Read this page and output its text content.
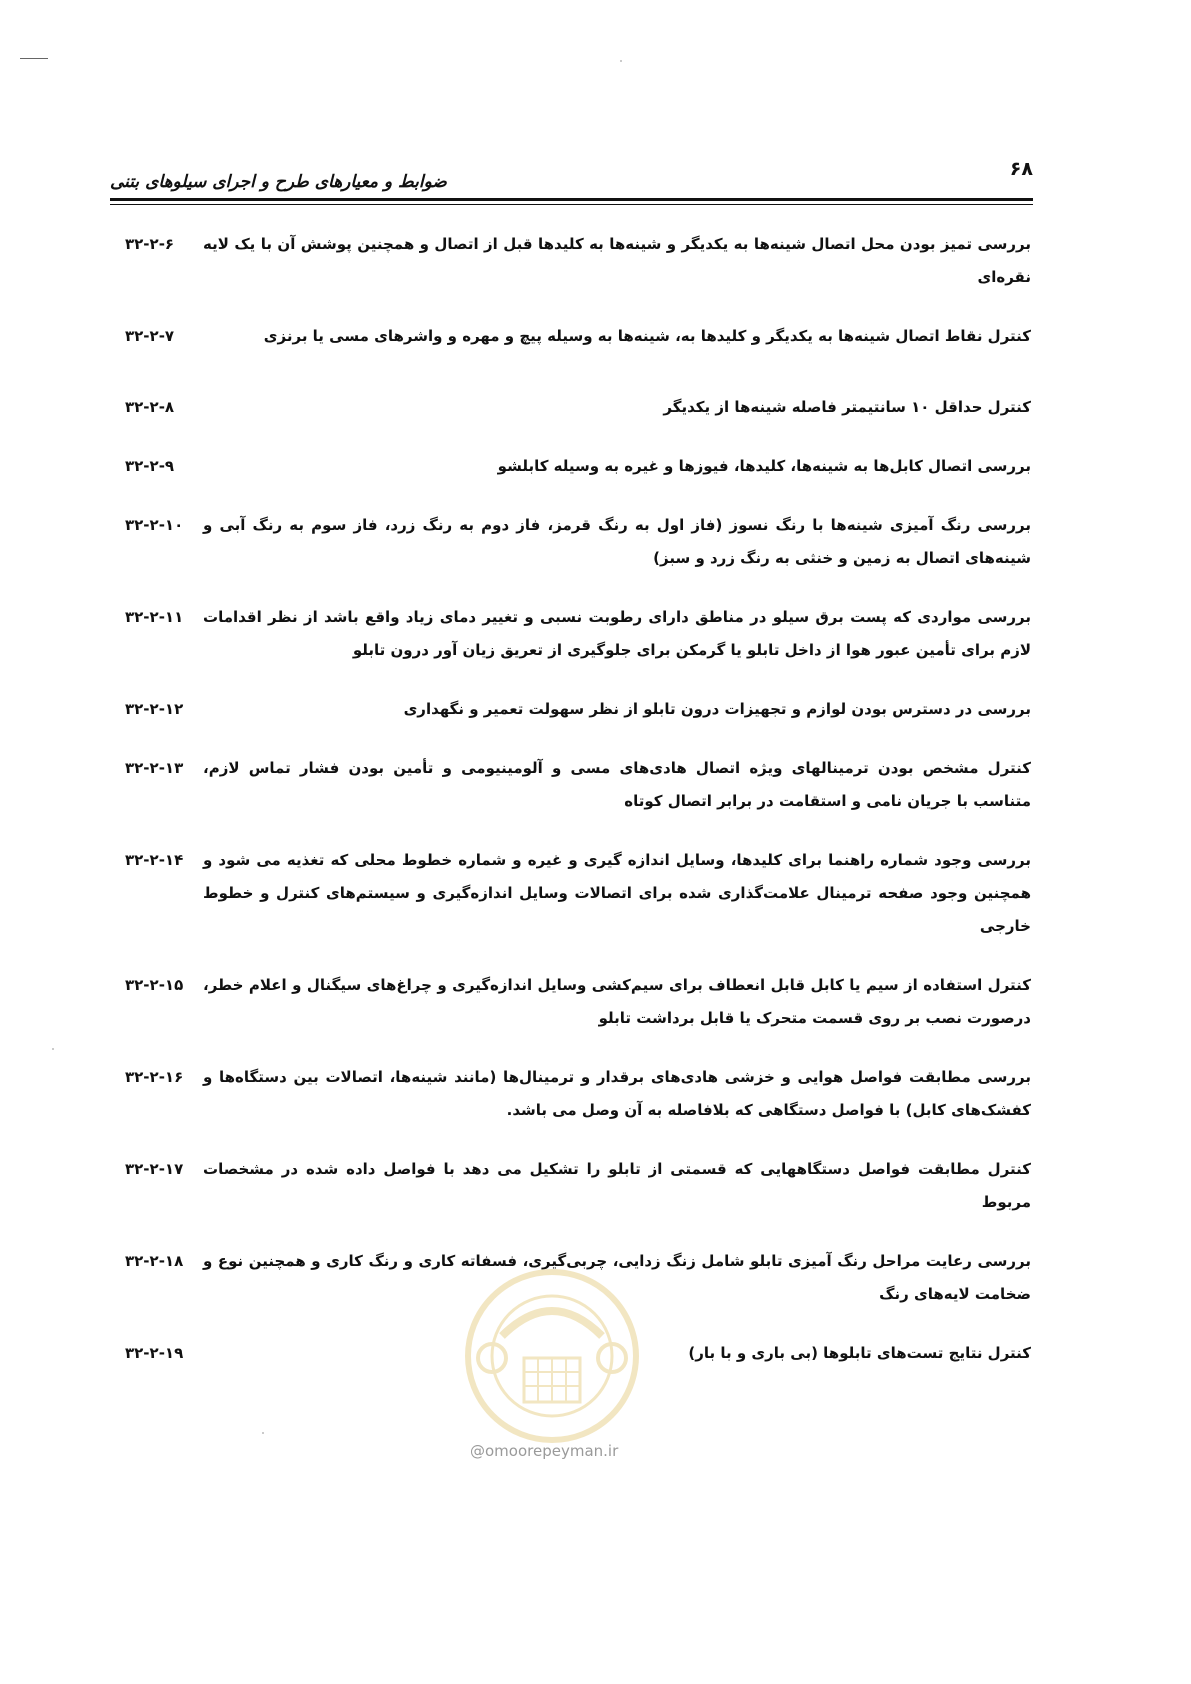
۶۸
ضوابط و معیارهای طرح و اجرای سیلوهای بتنی
۳۲-۲-۶	بررسی تمیز بودن محل اتصال شینه‌ها به یکدیگر و شینه‌ها به کلیدها قبل از اتصال و همچنین پوشش آن با یک لایه نقره‌ای
۳۲-۲-۷	کنترل نقاط اتصال شینه‌ها به یکدیگر و کلیدها به، شینه‌ها به وسیله پیچ و مهره و واشرهای مسی یا برنزی
۳۲-۲-۸	کنترل حداقل ۱۰ سانتیمتر فاصله شینه‌ها از یکدیگر
۳۲-۲-۹	بررسی اتصال کابل‌ها به شینه‌ها، کلیدها، فیوزها و غیره به وسیله کابلشو
۳۲-۲-۱۰	بررسی رنگ آمیزی شینه‌ها با رنگ نسوز (فاز اول به رنگ قرمز، فاز دوم به رنگ زرد، فاز سوم به رنگ آبی و شینه‌های اتصال به زمین و خنثی به رنگ زرد و سبز)
۳۲-۲-۱۱	بررسی مواردی که پست برق سیلو در مناطق دارای رطوبت نسبی و تغییر دمای زیاد واقع باشد از نظر اقدامات لازم برای تأمین عبور هوا از داخل تابلو یا گرمکن برای جلوگیری از تعریق زیان آور درون تابلو
۳۲-۲-۱۲	بررسی در دسترس بودن لوازم و تجهیزات درون تابلو از نظر سهولت تعمیر و نگهداری
۳۲-۲-۱۳	کنترل مشخص بودن ترمینالهای ویژه اتصال هادی‌های مسی و آلومینیومی و تأمین بودن فشار تماس لازم، متناسب با جریان نامی و استقامت در برابر اتصال کوتاه
۳۲-۲-۱۴	بررسی وجود شماره راهنما برای کلیدها، وسایل اندازه گیری و غیره و شماره خطوط محلی که تغذیه می شود و همچنین وجود صفحه ترمینال علامت‌گذاری شده برای اتصالات وسایل اندازه‌گیری و سیستم‌های کنترل و خطوط خارجی
۳۲-۲-۱۵	کنترل استفاده از سیم یا کابل قابل انعطاف برای سیم‌کشی وسایل اندازه‌گیری و چراغ‌های سیگنال و اعلام خطر، درصورت نصب بر روی قسمت متحرک یا قابل برداشت تابلو
۳۲-۲-۱۶	بررسی مطابقت فواصل هوایی و خزشی هادی‌های برقدار و ترمینال‌ها (مانند شینه‌ها، اتصالات بین دستگاه‌ها و کفشک‌های کابل) با فواصل دستگاهی که بلافاصله به آن وصل می باشد.
۳۲-۲-۱۷	کنترل مطابقت فواصل دستگاههایی که قسمتی از تابلو را تشکیل می دهد با فواصل داده شده در مشخصات مربوط
۳۲-۲-۱۸	بررسی رعایت مراحل رنگ آمیزی تابلو شامل زنگ زدایی، چربی‌گیری، فسفاته کاری و رنگ کاری و همچنین نوع و ضخامت لایه‌های رنگ
۳۲-۲-۱۹	کنترل نتایج تست‌های تابلوها (بی باری و با بار)
@omoorepeyman.ir
